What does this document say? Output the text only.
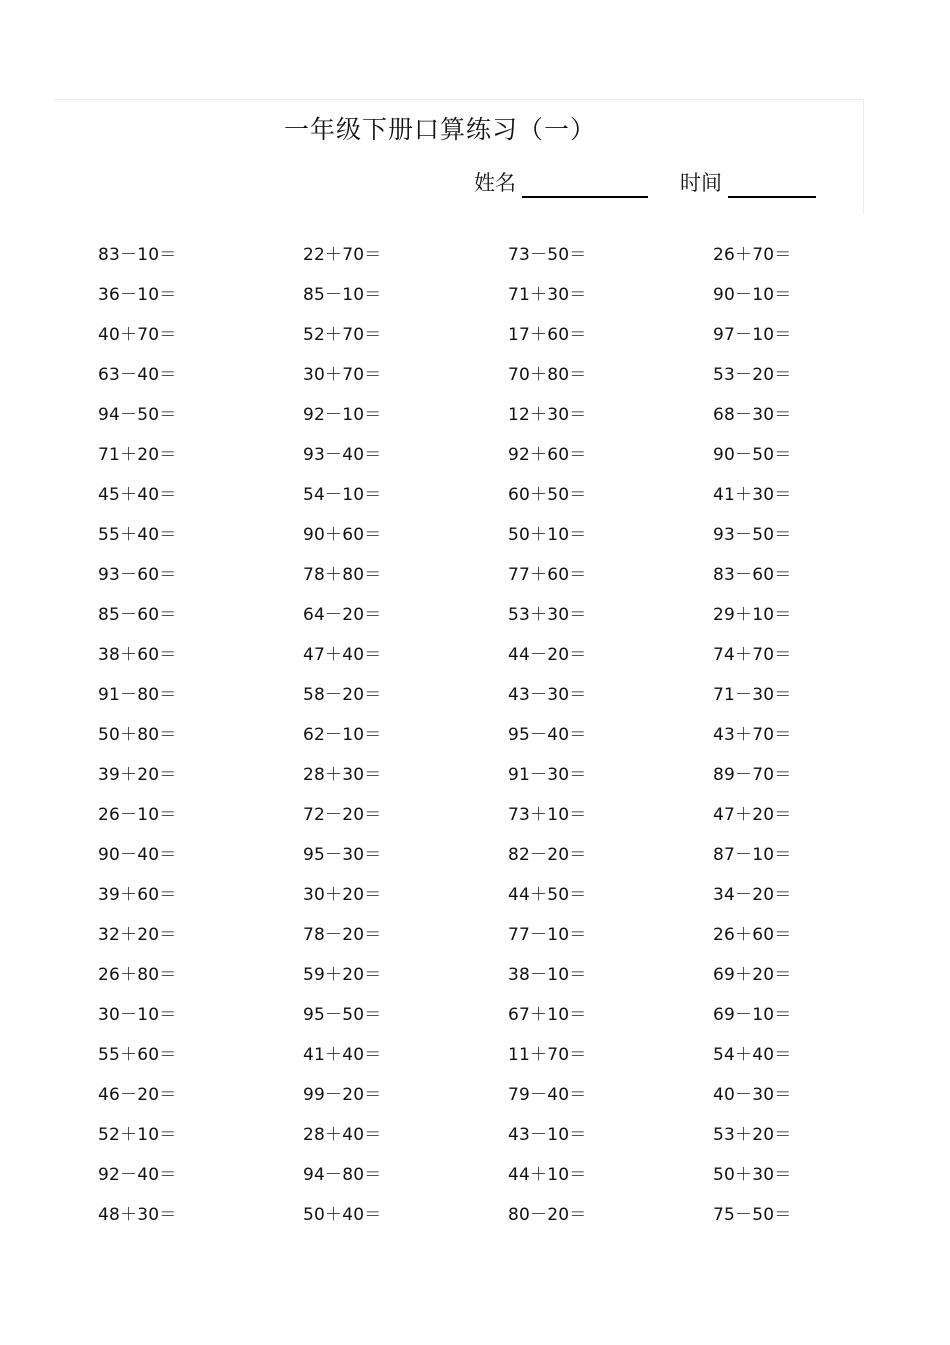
一年级下册口算练习（一）
姓名	时间
83－10＝	22＋70＝	73－50＝	26＋70＝
36－10＝	85－10＝	71＋30＝	90－10＝
40＋70＝	52＋70＝	17＋60＝	97－10＝
63－40＝	30＋70＝	70＋80＝	53－20＝
94－50＝	92－10＝	12＋30＝	68－30＝
71＋20＝	93－40＝	92＋60＝	90－50＝
45＋40＝	54－10＝	60＋50＝	41＋30＝
55＋40＝	90＋60＝	50＋10＝	93－50＝
93－60＝	78＋80＝	77＋60＝	83－60＝
85－60＝	64－20＝	53＋30＝	29＋10＝
38＋60＝	47＋40＝	44－20＝	74＋70＝
91－80＝	58－20＝	43－30＝	71－30＝
50＋80＝	62－10＝	95－40＝	43＋70＝
39＋20＝	28＋30＝	91－30＝	89－70＝
26－10＝	72－20＝	73＋10＝	47＋20＝
90－40＝	95－30＝	82－20＝	87－10＝
39＋60＝	30＋20＝	44＋50＝	34－20＝
32＋20＝	78－20＝	77－10＝	26＋60＝
26＋80＝	59＋20＝	38－10＝	69＋20＝
30－10＝	95－50＝	67＋10＝	69－10＝
55＋60＝	41＋40＝	11＋70＝	54＋40＝
46－20＝	99－20＝	79－40＝	40－30＝
52＋10＝	28＋40＝	43－10＝	53＋20＝
92－40＝	94－80＝	44＋10＝	50＋30＝
48＋30＝	50＋40＝	80－20＝	75－50＝
